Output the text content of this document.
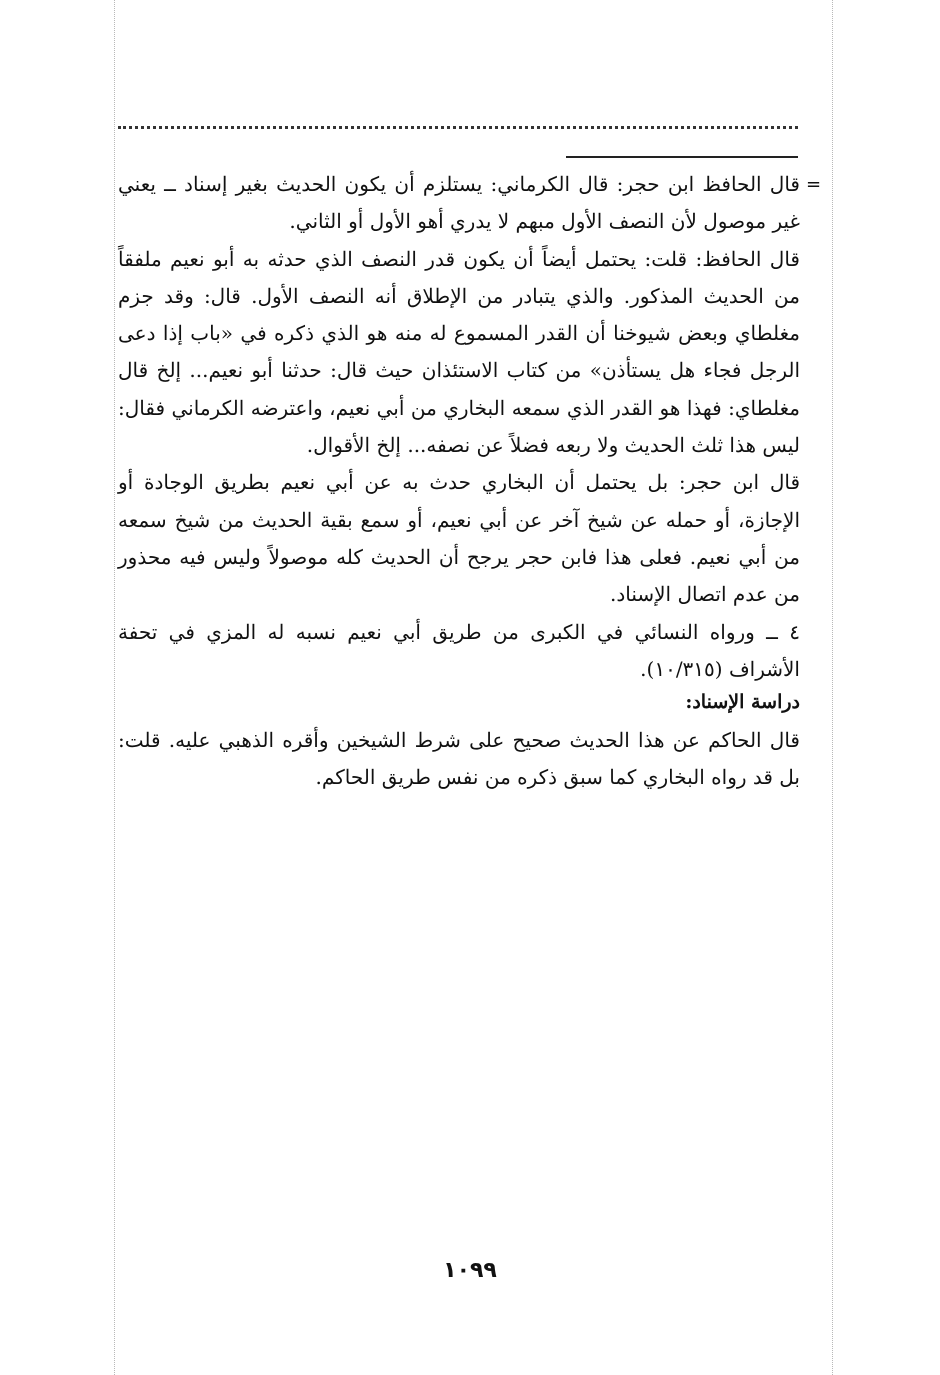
=

قال الحافظ ابن حجر: قال الكرماني: يستلزم أن يكون الحديث بغير إسناد ــ يعني غير موصول لأن النصف الأول مبهم لا يدري أهو الأول أو الثاني.

قال الحافظ: قلت: يحتمل أيضاً أن يكون قدر النصف الذي حدثه به أبو نعيم ملفقاً من الحديث المذكور. والذي يتبادر من الإطلاق أنه النصف الأول. قال: وقد جزم مغلطاي وبعض شيوخنا أن القدر المسموع له منه هو الذي ذكره في «باب إذا دعى الرجل فجاء هل يستأذن» من كتاب الاستئذان حيث قال: حدثنا أبو نعيم... إلخ قال مغلطاي: فهذا هو القدر الذي سمعه البخاري من أبي نعيم، واعترضه الكرماني فقال: ليس هذا ثلث الحديث ولا ربعه فضلاً عن نصفه... إلخ الأقوال.

قال ابن حجر: بل يحتمل أن البخاري حدث به عن أبي نعيم بطريق الوجادة أو الإجازة، أو حمله عن شيخ آخر عن أبي نعيم، أو سمع بقية الحديث من شيخ سمعه من أبي نعيم. فعلى هذا فابن حجر يرجح أن الحديث كله موصولاً وليس فيه محذور من عدم اتصال الإسناد.

٤ ــ ورواه النسائي في الكبرى من طريق أبي نعيم نسبه له المزي في تحفة الأشراف (١٠/٣١٥).

دراسة الإسناد:

قال الحاكم عن هذا الحديث صحيح على شرط الشيخين وأقره الذهبي عليه. قلت: بل قد رواه البخاري كما سبق ذكره من نفس طريق الحاكم.

١٠٩٩
